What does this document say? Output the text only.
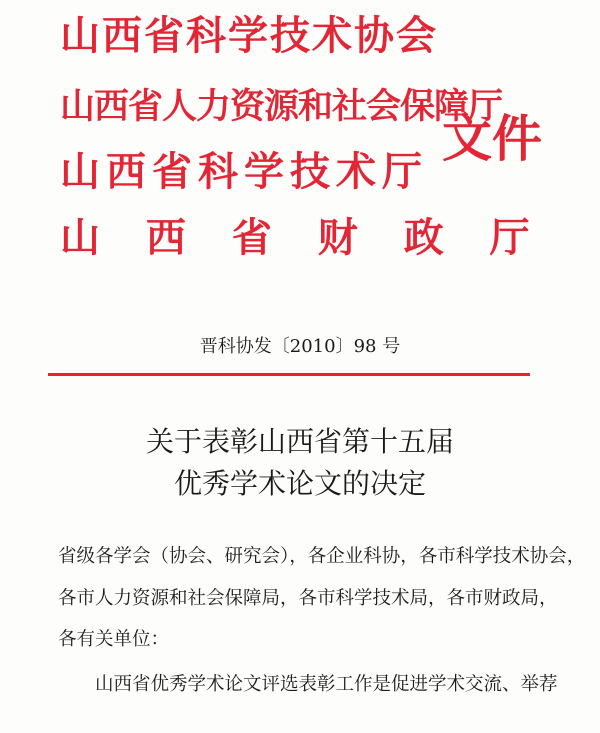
山西省科学技术协会
山西省人力资源和社会保障厅
山西省科学技术厅
山 西 省 财 政 厅
文件
晋科协发〔2010〕98 号
关于表彰山西省第十五届
优秀学术论文的决定
省级各学会（协会、研究会），各企业科协，各市科学技术协会，
各市人力资源和社会保障局，各市科学技术局，各市财政局，
各有关单位：
山西省优秀学术论文评选表彰工作是促进学术交流、举荐
